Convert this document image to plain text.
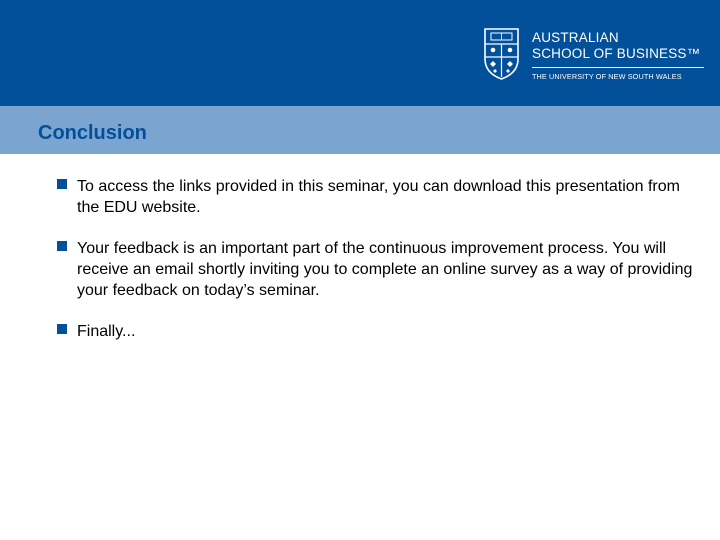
AUSTRALIAN
SCHOOL OF BUSINESS™
THE UNIVERSITY OF NEW SOUTH WALES
Conclusion
To access the links provided in this seminar, you can download this presentation from the EDU website.
Your feedback is an important part of the continuous improvement process. You will receive an email shortly inviting you to complete an online survey as a way of providing your feedback on today’s seminar.
Finally...
